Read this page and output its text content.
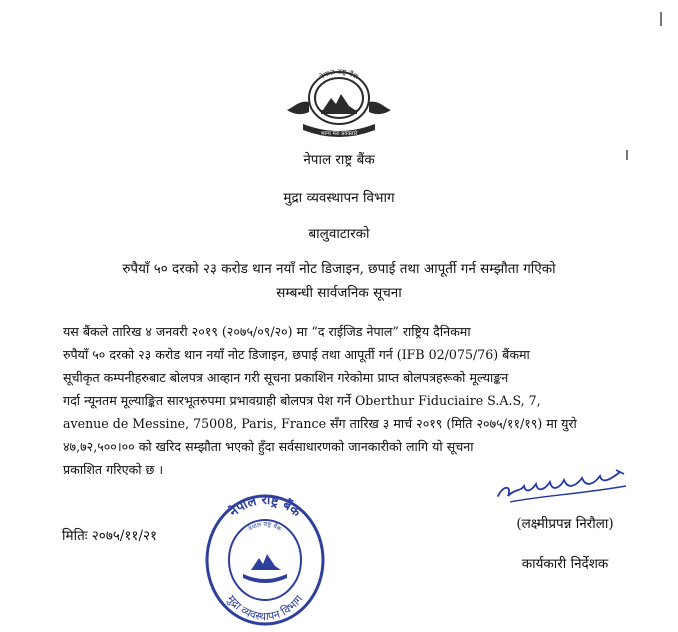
नेपाल राष्ट्र बैंक
भाग्य मेरा प्रवक्तारे
नेपाल राष्ट्र बैंक
मुद्रा व्यवस्थापन विभाग
बालुवाटारको
रुपैयाँ ५० दरको २३ करोड थान नयाँ नोट डिजाइन, छपाई तथा आपूर्ती गर्न सम्झौता गएिको
सम्बन्धी सार्वजनिक सूचना
यस बैंकले तारिख ४ जनवरी २०१९ (२०७५/०९/२०) मा “द राईजिड नेपाल” राष्ट्रिय दैनिकमा
रुपैयाँ ५० दरको २३ करोड थान नयाँ नोट डिजाइन, छपाई तथा आपूर्ती गर्न (IFB 02/075/76) बैंकमा
सूचीकृत कम्पनीहरुबाट बोलपत्र आव्हान गरी सूचना प्रकाशिन गरेकोमा प्राप्त बोलपत्रहरूको मूल्याङ्कन
गर्दा न्यूनतम मूल्याङ्कित सारभूतरुपमा प्रभावग्राही बोलपत्र पेश गर्ने Oberthur Fiduciaire S.A.S, 7,
avenue de Messine, 75008, Paris, France सँग तारिख ३ मार्च २०१९ (मिति २०७५/११/१९) मा युरो
४७,७२,५००।०० को खरिद सम्झौता भएको हुँदा सर्वसाधारणको जानकारीको लागि यो सूचना
प्रकाशित गरिएको छ ।
(लक्ष्मीप्रपन्न निरौला)
कार्यकारी निर्देशक
मितिः २०७५/११/२१
नेपाल राष्ट्र बैंक
मुद्रा व्यवस्थापन विभाग
नेपाल राष्ट्र बैंक
